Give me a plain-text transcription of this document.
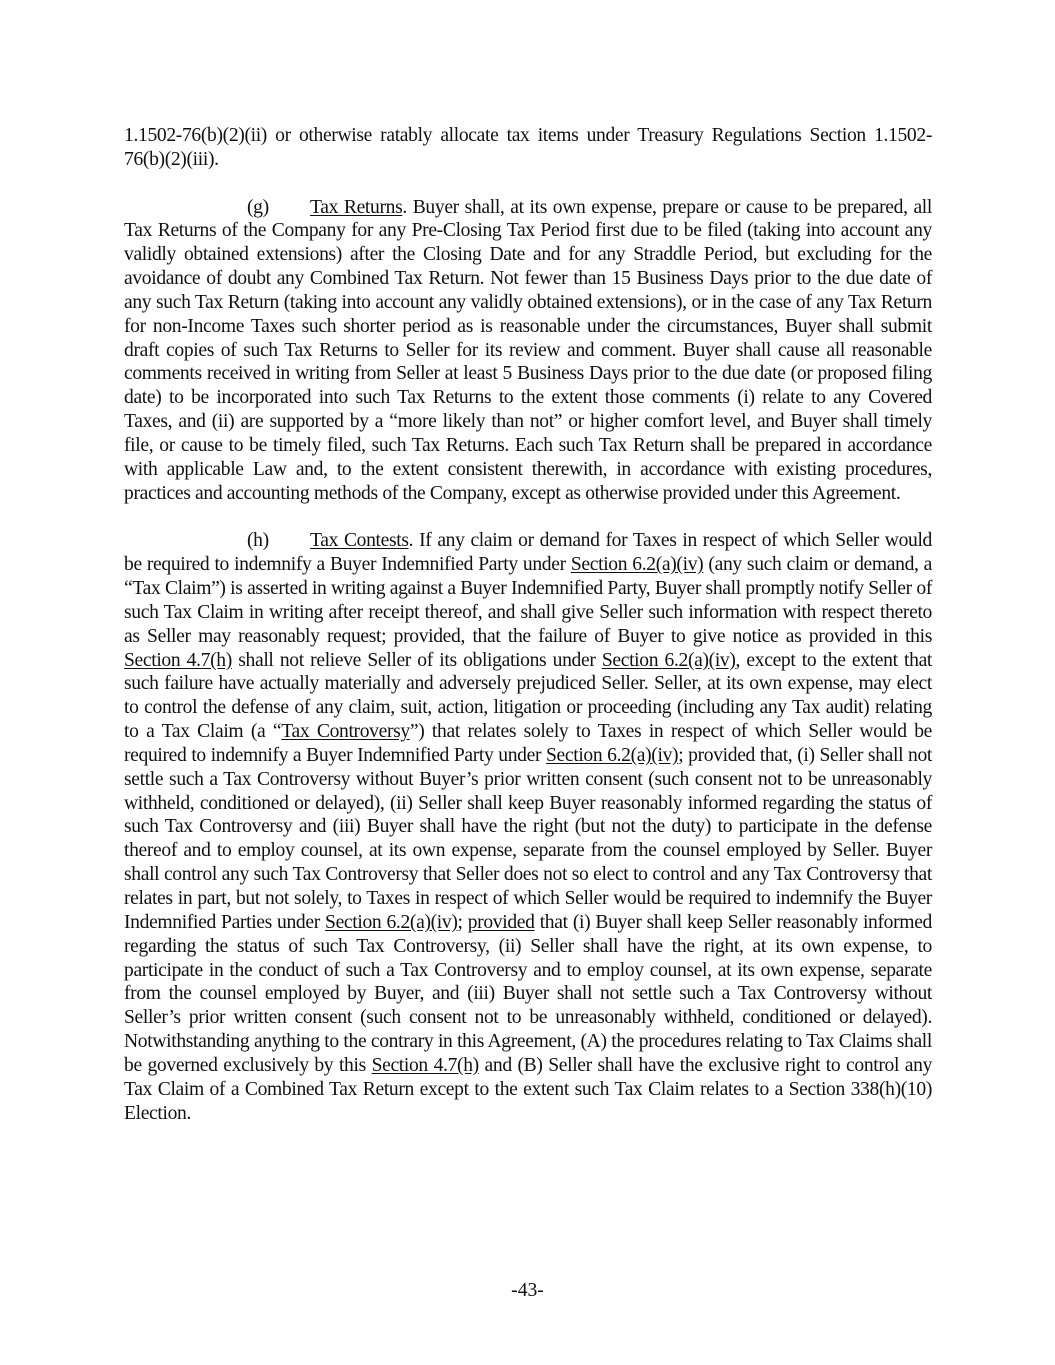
1.1502-76(b)(2)(ii) or otherwise ratably allocate tax items under Treasury Regulations Section 1.1502-76(b)(2)(iii).

(g) Tax Returns. Buyer shall, at its own expense, prepare or cause to be prepared, all Tax Returns of the Company for any Pre-Closing Tax Period first due to be filed (taking into account any validly obtained extensions) after the Closing Date and for any Straddle Period, but excluding for the avoidance of doubt any Combined Tax Return. Not fewer than 15 Business Days prior to the due date of any such Tax Return (taking into account any validly obtained extensions), or in the case of any Tax Return for non-Income Taxes such shorter period as is reasonable under the circumstances, Buyer shall submit draft copies of such Tax Returns to Seller for its review and comment. Buyer shall cause all reasonable comments received in writing from Seller at least 5 Business Days prior to the due date (or proposed filing date) to be incorporated into such Tax Returns to the extent those comments (i) relate to any Covered Taxes, and (ii) are supported by a “more likely than not” or higher comfort level, and Buyer shall timely file, or cause to be timely filed, such Tax Returns. Each such Tax Return shall be prepared in accordance with applicable Law and, to the extent consistent therewith, in accordance with existing procedures, practices and accounting methods of the Company, except as otherwise provided under this Agreement.

(h) Tax Contests. If any claim or demand for Taxes in respect of which Seller would be required to indemnify a Buyer Indemnified Party under Section 6.2(a)(iv) (any such claim or demand, a “Tax Claim”) is asserted in writing against a Buyer Indemnified Party, Buyer shall promptly notify Seller of such Tax Claim in writing after receipt thereof, and shall give Seller such information with respect thereto as Seller may reasonably request; provided, that the failure of Buyer to give notice as provided in this Section 4.7(h) shall not relieve Seller of its obligations under Section 6.2(a)(iv), except to the extent that such failure have actually materially and adversely prejudiced Seller. Seller, at its own expense, may elect to control the defense of any claim, suit, action, litigation or proceeding (including any Tax audit) relating to a Tax Claim (a “Tax Controversy”) that relates solely to Taxes in respect of which Seller would be required to indemnify a Buyer Indemnified Party under Section 6.2(a)(iv); provided that, (i) Seller shall not settle such a Tax Controversy without Buyer’s prior written consent (such consent not to be unreasonably withheld, conditioned or delayed), (ii) Seller shall keep Buyer reasonably informed regarding the status of such Tax Controversy and (iii) Buyer shall have the right (but not the duty) to participate in the defense thereof and to employ counsel, at its own expense, separate from the counsel employed by Seller. Buyer shall control any such Tax Controversy that Seller does not so elect to control and any Tax Controversy that relates in part, but not solely, to Taxes in respect of which Seller would be required to indemnify the Buyer Indemnified Parties under Section 6.2(a)(iv); provided that (i) Buyer shall keep Seller reasonably informed regarding the status of such Tax Controversy, (ii) Seller shall have the right, at its own expense, to participate in the conduct of such a Tax Controversy and to employ counsel, at its own expense, separate from the counsel employed by Buyer, and (iii) Buyer shall not settle such a Tax Controversy without Seller’s prior written consent (such consent not to be unreasonably withheld, conditioned or delayed). Notwithstanding anything to the contrary in this Agreement, (A) the procedures relating to Tax Claims shall be governed exclusively by this Section 4.7(h) and (B) Seller shall have the exclusive right to control any Tax Claim of a Combined Tax Return except to the extent such Tax Claim relates to a Section 338(h)(10) Election.

-43-
